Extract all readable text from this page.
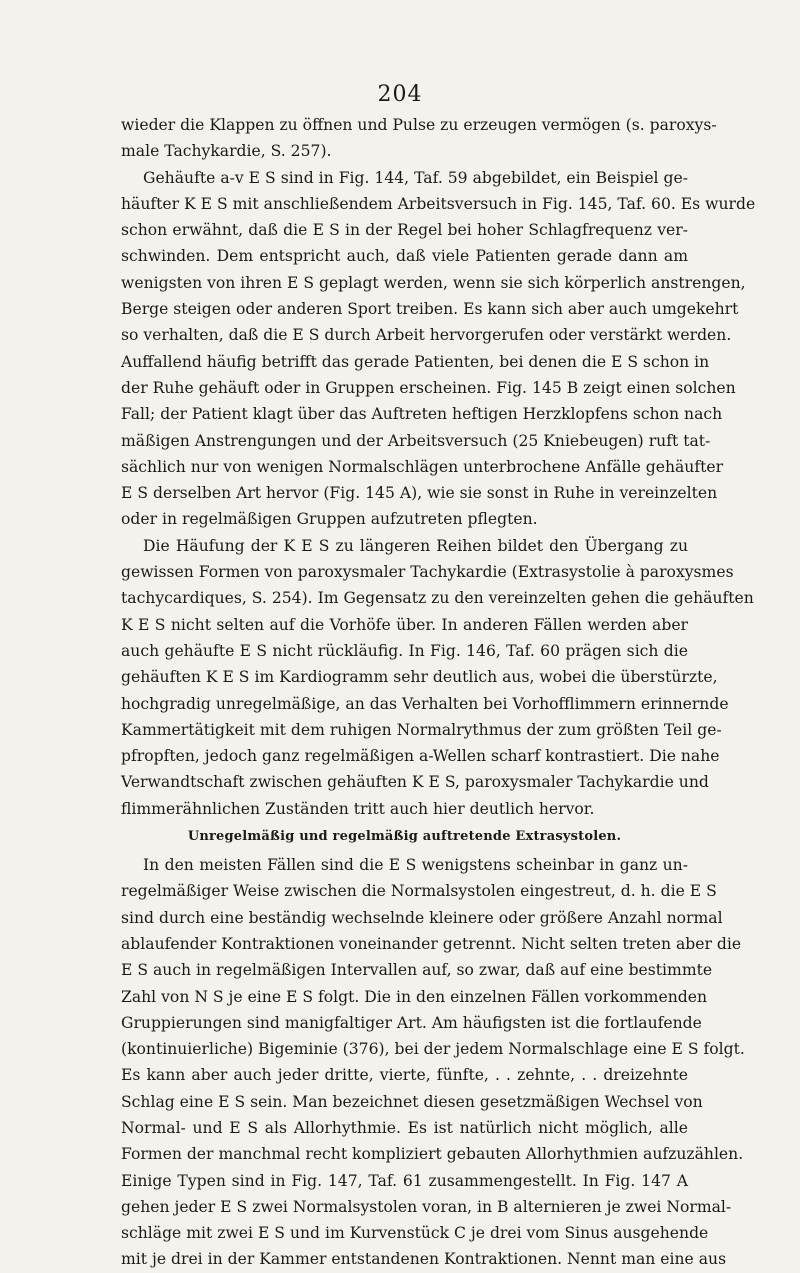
204
wieder die Klappen zu öffnen und Pulse zu erzeugen vermögen (s. paroxys-
male Tachykardie, S. 257).
Gehäufte a-v E S sind in Fig. 144, Taf. 59 abgebildet, ein Beispiel ge-
häufter K E S mit anschließendem Arbeitsversuch in Fig. 145, Taf. 60. Es wurde
schon erwähnt, daß die E S in der Regel bei hoher Schlagfrequenz ver-
schwinden. Dem entspricht auch, daß viele Patienten gerade dann am
wenigsten von ihren E S geplagt werden, wenn sie sich körperlich anstrengen,
Berge steigen oder anderen Sport treiben. Es kann sich aber auch umgekehrt
so verhalten, daß die E S durch Arbeit hervorgerufen oder verstärkt werden.
Auffallend häufig betrifft das gerade Patienten, bei denen die E S schon in
der Ruhe gehäuft oder in Gruppen erscheinen. Fig. 145 B zeigt einen solchen
Fall; der Patient klagt über das Auftreten heftigen Herzklopfens schon nach
mäßigen Anstrengungen und der Arbeitsversuch (25 Kniebeugen) ruft tat-
sächlich nur von wenigen Normalschlägen unterbrochene Anfälle gehäufter
E S derselben Art hervor (Fig. 145 A), wie sie sonst in Ruhe in vereinzelten
oder in regelmäßigen Gruppen aufzutreten pflegten.
Die Häufung der K E S zu längeren Reihen bildet den Übergang zu
gewissen Formen von paroxysmaler Tachykardie (Extrasystolie à paroxysmes
tachycardiques, S. 254). Im Gegensatz zu den vereinzelten gehen die gehäuften
K E S nicht selten auf die Vorhöfe über. In anderen Fällen werden aber
auch gehäufte E S nicht rückläufig. In Fig. 146, Taf. 60 prägen sich die
gehäuften K E S im Kardiogramm sehr deutlich aus, wobei die überstürzte,
hochgradig unregelmäßige, an das Verhalten bei Vorhofflimmern erinnernde
Kammertätigkeit mit dem ruhigen Normalrythmus der zum größten Teil ge-
pfropften, jedoch ganz regelmäßigen a-Wellen scharf kontrastiert. Die nahe
Verwandtschaft zwischen gehäuften K E S, paroxysmaler Tachykardie und
flimmerähnlichen Zuständen tritt auch hier deutlich hervor.
Unregelmäßig und regelmäßig auftretende Extrasystolen.
In den meisten Fällen sind die E S wenigstens scheinbar in ganz un-
regelmäßiger Weise zwischen die Normalsystolen eingestreut, d. h. die E S
sind durch eine beständig wechselnde kleinere oder größere Anzahl normal
ablaufender Kontraktionen voneinander getrennt. Nicht selten treten aber die
E S auch in regelmäßigen Intervallen auf, so zwar, daß auf eine bestimmte
Zahl von N S je eine E S folgt. Die in den einzelnen Fällen vorkommenden
Gruppierungen sind manigfaltiger Art. Am häufigsten ist die fortlaufende
(kontinuierliche) Bigeminie (376), bei der jedem Normalschlage eine E S folgt.
Es kann aber auch jeder dritte, vierte, fünfte, . . zehnte, . . dreizehnte
Schlag eine E S sein. Man bezeichnet diesen gesetzmäßigen Wechsel von
Normal- und E S als Allorhythmie. Es ist natürlich nicht möglich, alle
Formen der manchmal recht kompliziert gebauten Allorhythmien aufzuzählen.
Einige Typen sind in Fig. 147, Taf. 61 zusammengestellt. In Fig. 147 A
gehen jeder E S zwei Normalsystolen voran, in B alternieren je zwei Normal-
schläge mit zwei E S und im Kurvenstück C je drei vom Sinus ausgehende
mit je drei in der Kammer entstandenen Kontraktionen. Nennt man eine aus
